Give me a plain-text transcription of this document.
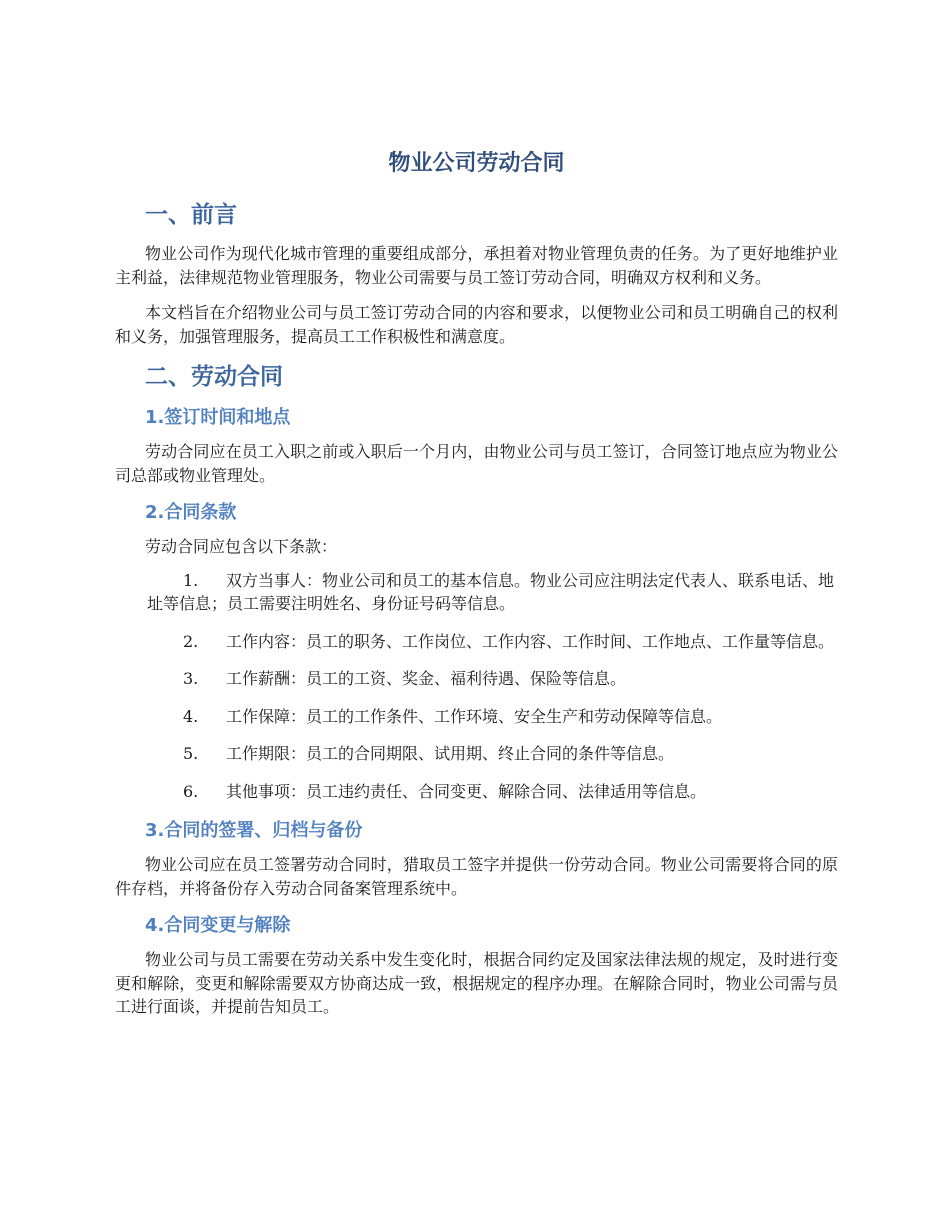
物业公司劳动合同
一、前言

物业公司作为现代化城市管理的重要组成部分，承担着对物业管理负责的任务。为了更好地维护业主利益，法律规范物业管理服务，物业公司需要与员工签订劳动合同，明确双方权利和义务。

本文档旨在介绍物业公司与员工签订劳动合同的内容和要求，以便物业公司和员工明确自己的权利和义务，加强管理服务，提高员工工作积极性和满意度。

二、劳动合同
1.签订时间和地点

劳动合同应在员工入职之前或入职后一个月内，由物业公司与员工签订，合同签订地点应为物业公司总部或物业管理处。

2.合同条款

劳动合同应包含以下条款：

1. 双方当事人：物业公司和员工的基本信息。物业公司应注明法定代表人、联系电话、地址等信息；员工需要注明姓名、身份证号码等信息。
2. 工作内容：员工的职务、工作岗位、工作内容、工作时间、工作地点、工作量等信息。
3. 工作薪酬：员工的工资、奖金、福利待遇、保险等信息。
4. 工作保障：员工的工作条件、工作环境、安全生产和劳动保障等信息。
5. 工作期限：员工的合同期限、试用期、终止合同的条件等信息。
6. 其他事项：员工违约责任、合同变更、解除合同、法律适用等信息。
3.合同的签署、归档与备份

物业公司应在员工签署劳动合同时，猎取员工签字并提供一份劳动合同。物业公司需要将合同的原件存档，并将备份存入劳动合同备案管理系统中。

4.合同变更与解除

物业公司与员工需要在劳动关系中发生变化时，根据合同约定及国家法律法规的规定，及时进行变更和解除，变更和解除需要双方协商达成一致，根据规定的程序办理。在解除合同时，物业公司需与员工进行面谈，并提前告知员工。
